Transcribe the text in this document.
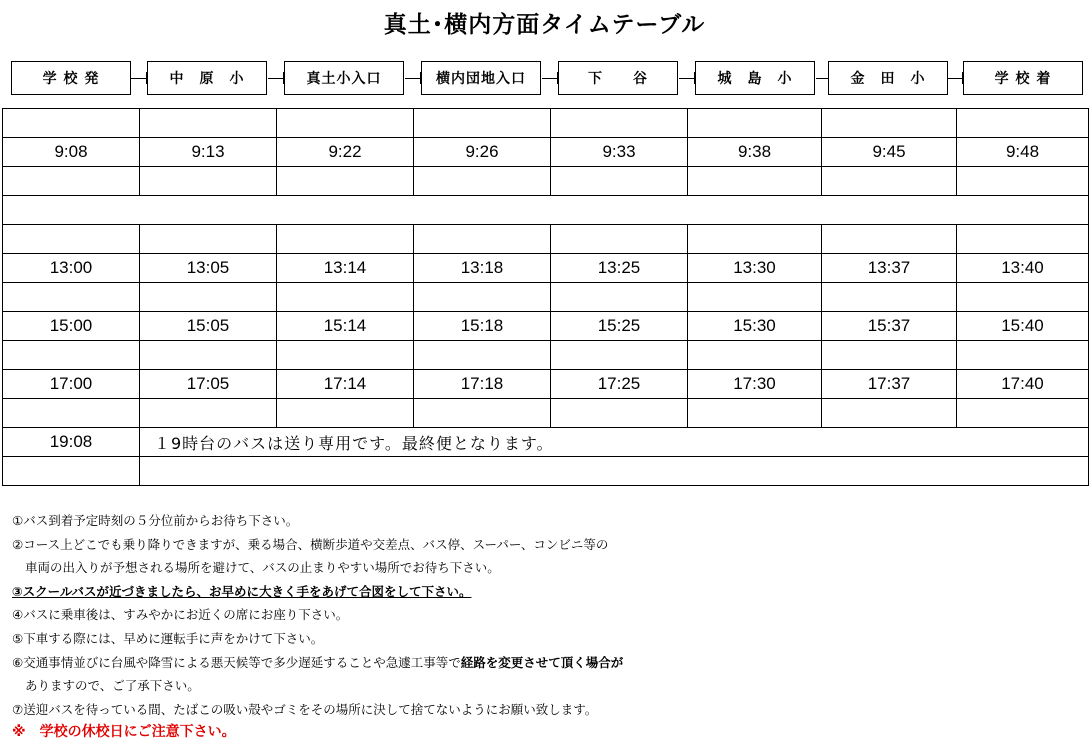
真土･横内方面タイムテーブル
学 校 発	中　原　小	真土小入口	横内団地入口	下　　谷	城　島　小	金　田　小	学 校 着

9:08	9:13	9:22	9:26	9:33	9:38	9:45	9:48

13:00	13:05	13:14	13:18	13:25	13:30	13:37	13:40

15:00	15:05	15:14	15:18	15:25	15:30	15:37	15:40

17:00	17:05	17:14	17:18	17:25	17:30	17:37	17:40

19:08	１9時台のバスは送り専用です。最終便となります。						

①バス到着予定時刻の５分位前からお待ち下さい。
②コース上どこでも乗り降りできますが、乗る場合、横断歩道や交差点、バス停、スーパー、コンビニ等の
車両の出入りが予想される場所を避けて、バスの止まりやすい場所でお待ち下さい。
③スクールバスが近づきましたら、お早めに大きく手をあげて合図をして下さい。
④バスに乗車後は、すみやかにお近くの席にお座り下さい。
⑤下車する際には、早めに運転手に声をかけて下さい。
⑥交通事情並びに台風や降雪による悪天候等で多少遅延することや急遽工事等で経路を変更させて頂く場合が
ありますので、ご了承下さい。
⑦送迎バスを待っている間、たばこの吸い殻やゴミをその場所に決して捨てないようにお願い致します。
※　学校の休校日にご注意下さい。
